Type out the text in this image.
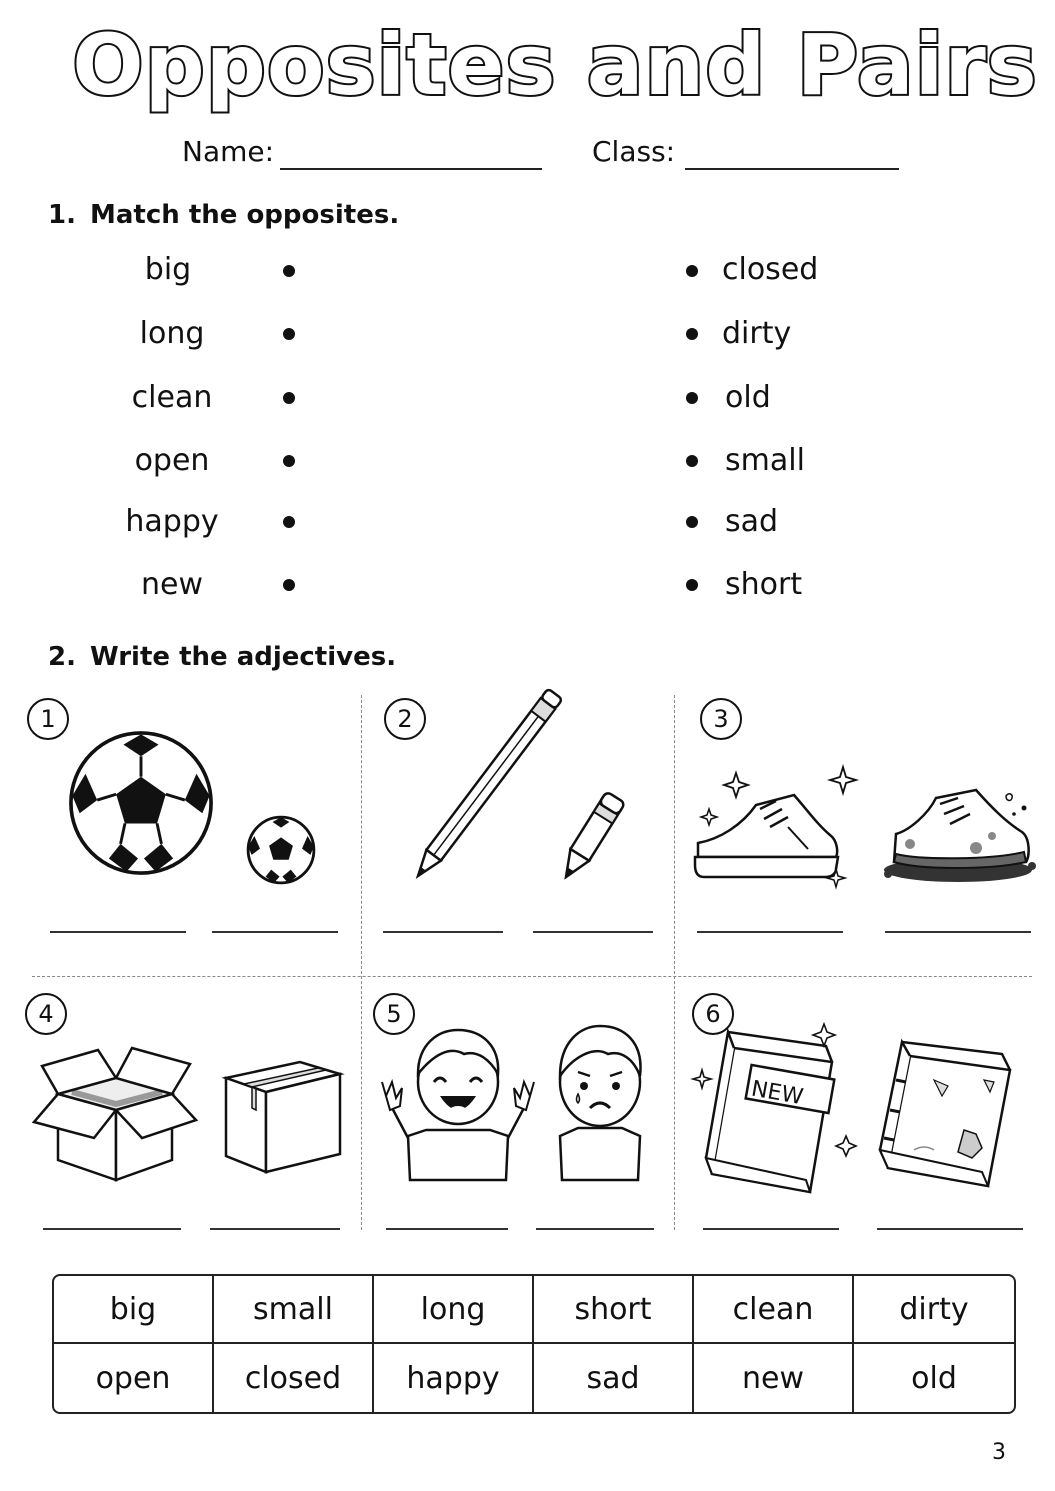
Opposites and Pairs
Name:	Class:
1. Match the opposites.
big
long
clean
open
happy
new
closed
dirty
old
small
sad
short
2. Write the adjectives.
1	2	3
4	5	6
NEW
big	small	long	short	clean	dirty
open	closed	happy	sad	new	old
3
